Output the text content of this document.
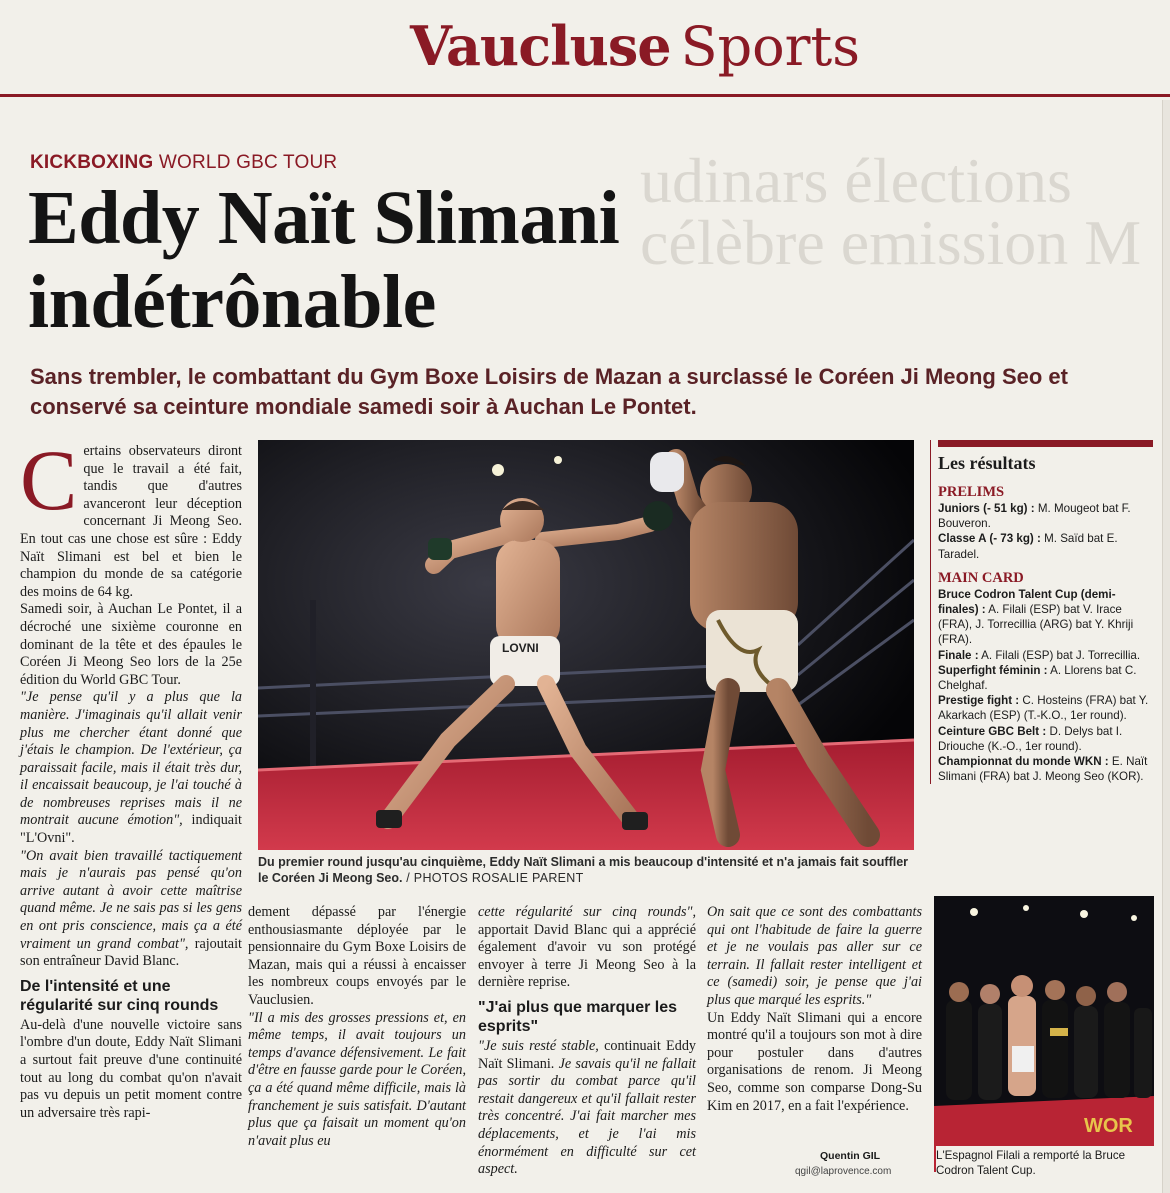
udinars élections
célèbre emission M
Vaucluse Sports
KICKBOXING WORLD GBC TOUR
Eddy Naït Slimani indétrônable

Sans trembler, le combattant du Gym Boxe Loisirs de Mazan a surclassé le Coréen Ji Meong Seo et conservé sa ceinture mondiale samedi soir à Auchan Le Pontet.

Certains observateurs diront que le travail a été fait, tandis que d'autres avanceront leur déception concernant Ji Meong Seo. En tout cas une chose est sûre : Eddy Naït Slimani est bel et bien le champion du monde de sa catégorie des moins de 64 kg.

Samedi soir, à Auchan Le Pontet, il a décroché une sixième couronne en dominant de la tête et des épaules le Coréen Ji Meong Seo lors de la 25e édition du World GBC Tour.

"Je pense qu'il y a plus que la manière. J'imaginais qu'il allait venir plus me chercher étant donné que j'étais le champion. De l'extérieur, ça paraissait facile, mais il était très dur, il encaissait beaucoup, je l'ai touché à de nombreuses reprises mais il ne montrait aucune émotion", indiquait "L'Ovni".

"On avait bien travaillé tactiquement mais je n'aurais pas pensé qu'on arrive autant à avoir cette maîtrise quand même. Je ne sais pas si les gens en ont pris conscience, mais ça a été vraiment un grand combat", rajoutait son entraîneur David Blanc.

De l'intensité et une régularité sur cinq rounds

Au-delà d'une nouvelle victoire sans l'ombre d'un doute, Eddy Naït Slimani a surtout fait preuve d'une continuité tout au long du combat qu'on n'avait pas vu depuis un petit moment contre un adversaire très rapi-

LOVNI
Du premier round jusqu'au cinquième, Eddy Naït Slimani a mis beaucoup d'intensité et n'a jamais fait souffler le Coréen Ji Meong Seo. / PHOTOS ROSALIE PARENT

dement dépassé par l'énergie enthousiasmante déployée par le pensionnaire du Gym Boxe Loisirs de Mazan, mais qui a réussi à encaisser les nombreux coups envoyés par le Vauclusien.

"Il a mis des grosses pressions et, en même temps, il avait toujours un temps d'avance défensivement. Le fait d'être en fausse garde pour le Coréen, ça a été quand même difficile, mais là franchement je suis satisfait. D'autant plus que ça faisait un moment qu'on n'avait plus eu

cette régularité sur cinq rounds", apportait David Blanc qui a apprécié également d'avoir vu son protégé envoyer à terre Ji Meong Seo à la dernière reprise.

"J'ai plus que marquer les esprits"

"Je suis resté stable, continuait Eddy Naït Slimani. Je savais qu'il ne fallait pas sortir du combat parce qu'il restait dangereux et qu'il fallait rester très concentré. J'ai fait marcher mes déplacements, et je l'ai mis énormément en difficulté sur cet aspect.

On sait que ce sont des combattants qui ont l'habitude de faire la guerre et je ne voulais pas aller sur ce terrain. Il fallait rester intelligent et ce (samedi) soir, je pense que j'ai plus que marqué les esprits."

Un Eddy Naït Slimani qui a encore montré qu'il a toujours son mot à dire pour postuler dans d'autres organisations de renom. Ji Meong Seo, comme son comparse Dong-Su Kim en 2017, en a fait l'expérience.

Quentin GIL
qgil@laprovence.com
Les résultats
PRELIMS
Juniors (- 51 kg) : M. Mougeot bat F. Bouveron.
Classe A (- 73 kg) : M. Saïd bat E. Taradel.
MAIN CARD
Bruce Codron Talent Cup (demi-finales) : A. Filali (ESP) bat V. Irace (FRA), J. Torrecillia (ARG) bat Y. Khriji (FRA).
Finale : A. Filali (ESP) bat J. Torrecillia.
Superfight féminin : A. Llorens bat C. Chelghaf.
Prestige fight : C. Hosteins (FRA) bat Y. Akarkach (ESP) (T.-K.O., 1er round).
Ceinture GBC Belt : D. Delys bat I. Driouche (K.-O., 1er round).
Championnat du monde WKN : E. Naït Slimani (FRA) bat J. Meong Seo (KOR).
WOR
L'Espagnol Filali a remporté la Bruce Codron Talent Cup.
